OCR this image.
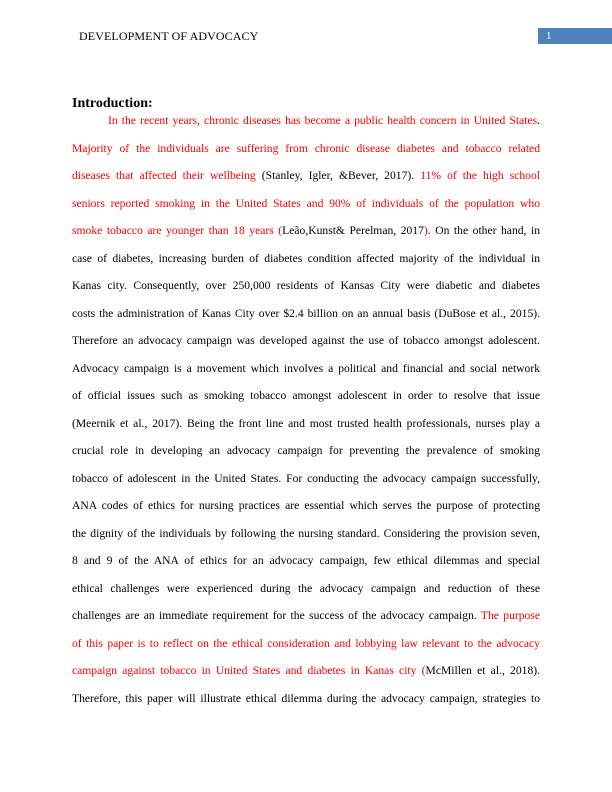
DEVELOPMENT OF ADVOCACY	1
Introduction:
In the recent years, chronic diseases has become a public health concern in United States.
Majority of the individuals are suffering from chronic disease diabetes and tobacco related
diseases that affected their wellbeing (Stanley, Igler, &Bever, 2017). 11% of the high school
seniors reported smoking in the United States and 90% of individuals of the population who
smoke tobacco are younger than 18 years (Leão,Kunst& Perelman, 2017). On the other hand, in
case of diabetes, increasing burden of diabetes condition affected majority of the individual in
Kanas city. Consequently, over 250,000 residents of Kansas City were diabetic and diabetes
costs the administration of Kanas City over $2.4 billion on an annual basis (DuBose et al., 2015).
Therefore an advocacy campaign was developed against the use of tobacco amongst adolescent.
Advocacy campaign is a movement which involves a political and financial and social network
of official issues such as smoking tobacco amongst adolescent in order to resolve that issue
(Meernik et al., 2017). Being the front line and most trusted health professionals, nurses play a
crucial role in developing an advocacy campaign for preventing the prevalence of smoking
tobacco of adolescent in the United States. For conducting the advocacy campaign successfully,
ANA codes of ethics for nursing practices are essential which serves the purpose of protecting
the dignity of the individuals by following the nursing standard. Considering the provision seven,
8 and 9 of the ANA of ethics for an advocacy campaign, few ethical dilemmas and special
ethical challenges were experienced during the advocacy campaign and reduction of these
challenges are an immediate requirement for the success of the advocacy campaign. The purpose
of this paper is to reflect on the ethical consideration and lobbying law relevant to the advocacy
campaign against tobacco in United States and diabetes in Kanas city (McMillen et al., 2018).
Therefore, this paper will illustrate ethical dilemma during the advocacy campaign, strategies to
